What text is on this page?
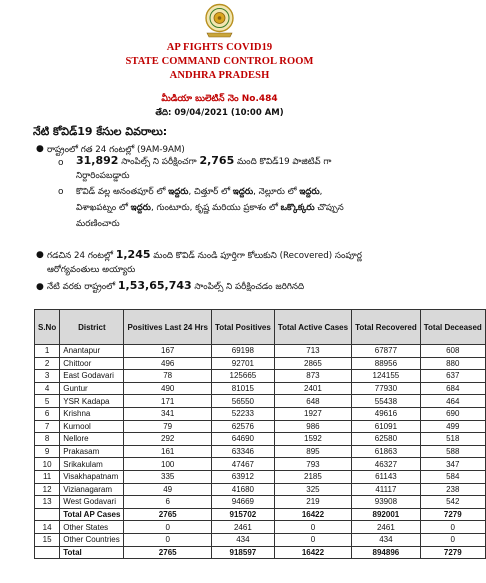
AP FIGHTS COVID19
STATE COMMAND CONTROL ROOM
ANDHRA PRADESH
మీడియా బులెటిన్ నెం No.484
తేది: 09/04/2021 (10:00 AM)
నేటి కోవిడ్19 కేసుల వివరాలు:
● రాష్ట్రంలో గత 24 గంటల్లో (9AM-9AM)
o 31,892 సాంపిల్స్ ని పరీక్షించగా 2,765 మంది కొవిడ్19 పాజిటివ్ గా
నిర్దారింపబడ్డారు
o కొవిడ్ వల్ల అనంతపూర్ లో ఇద్దరు, చిత్తూర్ లో ఇద్దరు, నెల్లూరు లో ఇద్దరు,
విశాఖపట్నం లో ఇద్దరు, గుంటూరు, కృష్ణ మరియు ప్రకాశం లో ఒక్కొక్కరు చొప్పున
మరణించారు
● గడచిన 24 గంటల్లో 1,245 మంది కొవిడ్ నుండి పూర్తిగా కోలుకుని (Recovered) సంపూర్ణ
ఆరోగ్యవంతులు అయ్యారు
● నేటి వరకు రాష్ట్రంలో 1,53,65,743 సాంపిల్స్ ని పరీక్షించడం జరిగినది
S.No	District	Positives Last 24 Hrs	Total Positives	Total Active Cases	Total Recovered	Total Deceased
1	Anantapur	167	69198	713	67877	608
2	Chittoor	496	92701	2865	88956	880
3	East Godavari	78	125665	873	124155	637
4	Guntur	490	81015	2401	77930	684
5	YSR Kadapa	171	56550	648	55438	464
6	Krishna	341	52233	1927	49616	690
7	Kurnool	79	62576	986	61091	499
8	Nellore	292	64690	1592	62580	518
9	Prakasam	161	63346	895	61863	588
10	Srikakulam	100	47467	793	46327	347
11	Visakhapatnam	335	63912	2185	61143	584
12	Vizianagaram	49	41680	325	41117	238
13	West Godavari	6	94669	219	93908	542
	Total AP Cases	2765	915702	16422	892001	7279
14	Other States	0	2461	0	2461	0
15	Other Countries	0	434	0	434	0
	Total	2765	918597	16422	894896	7279
